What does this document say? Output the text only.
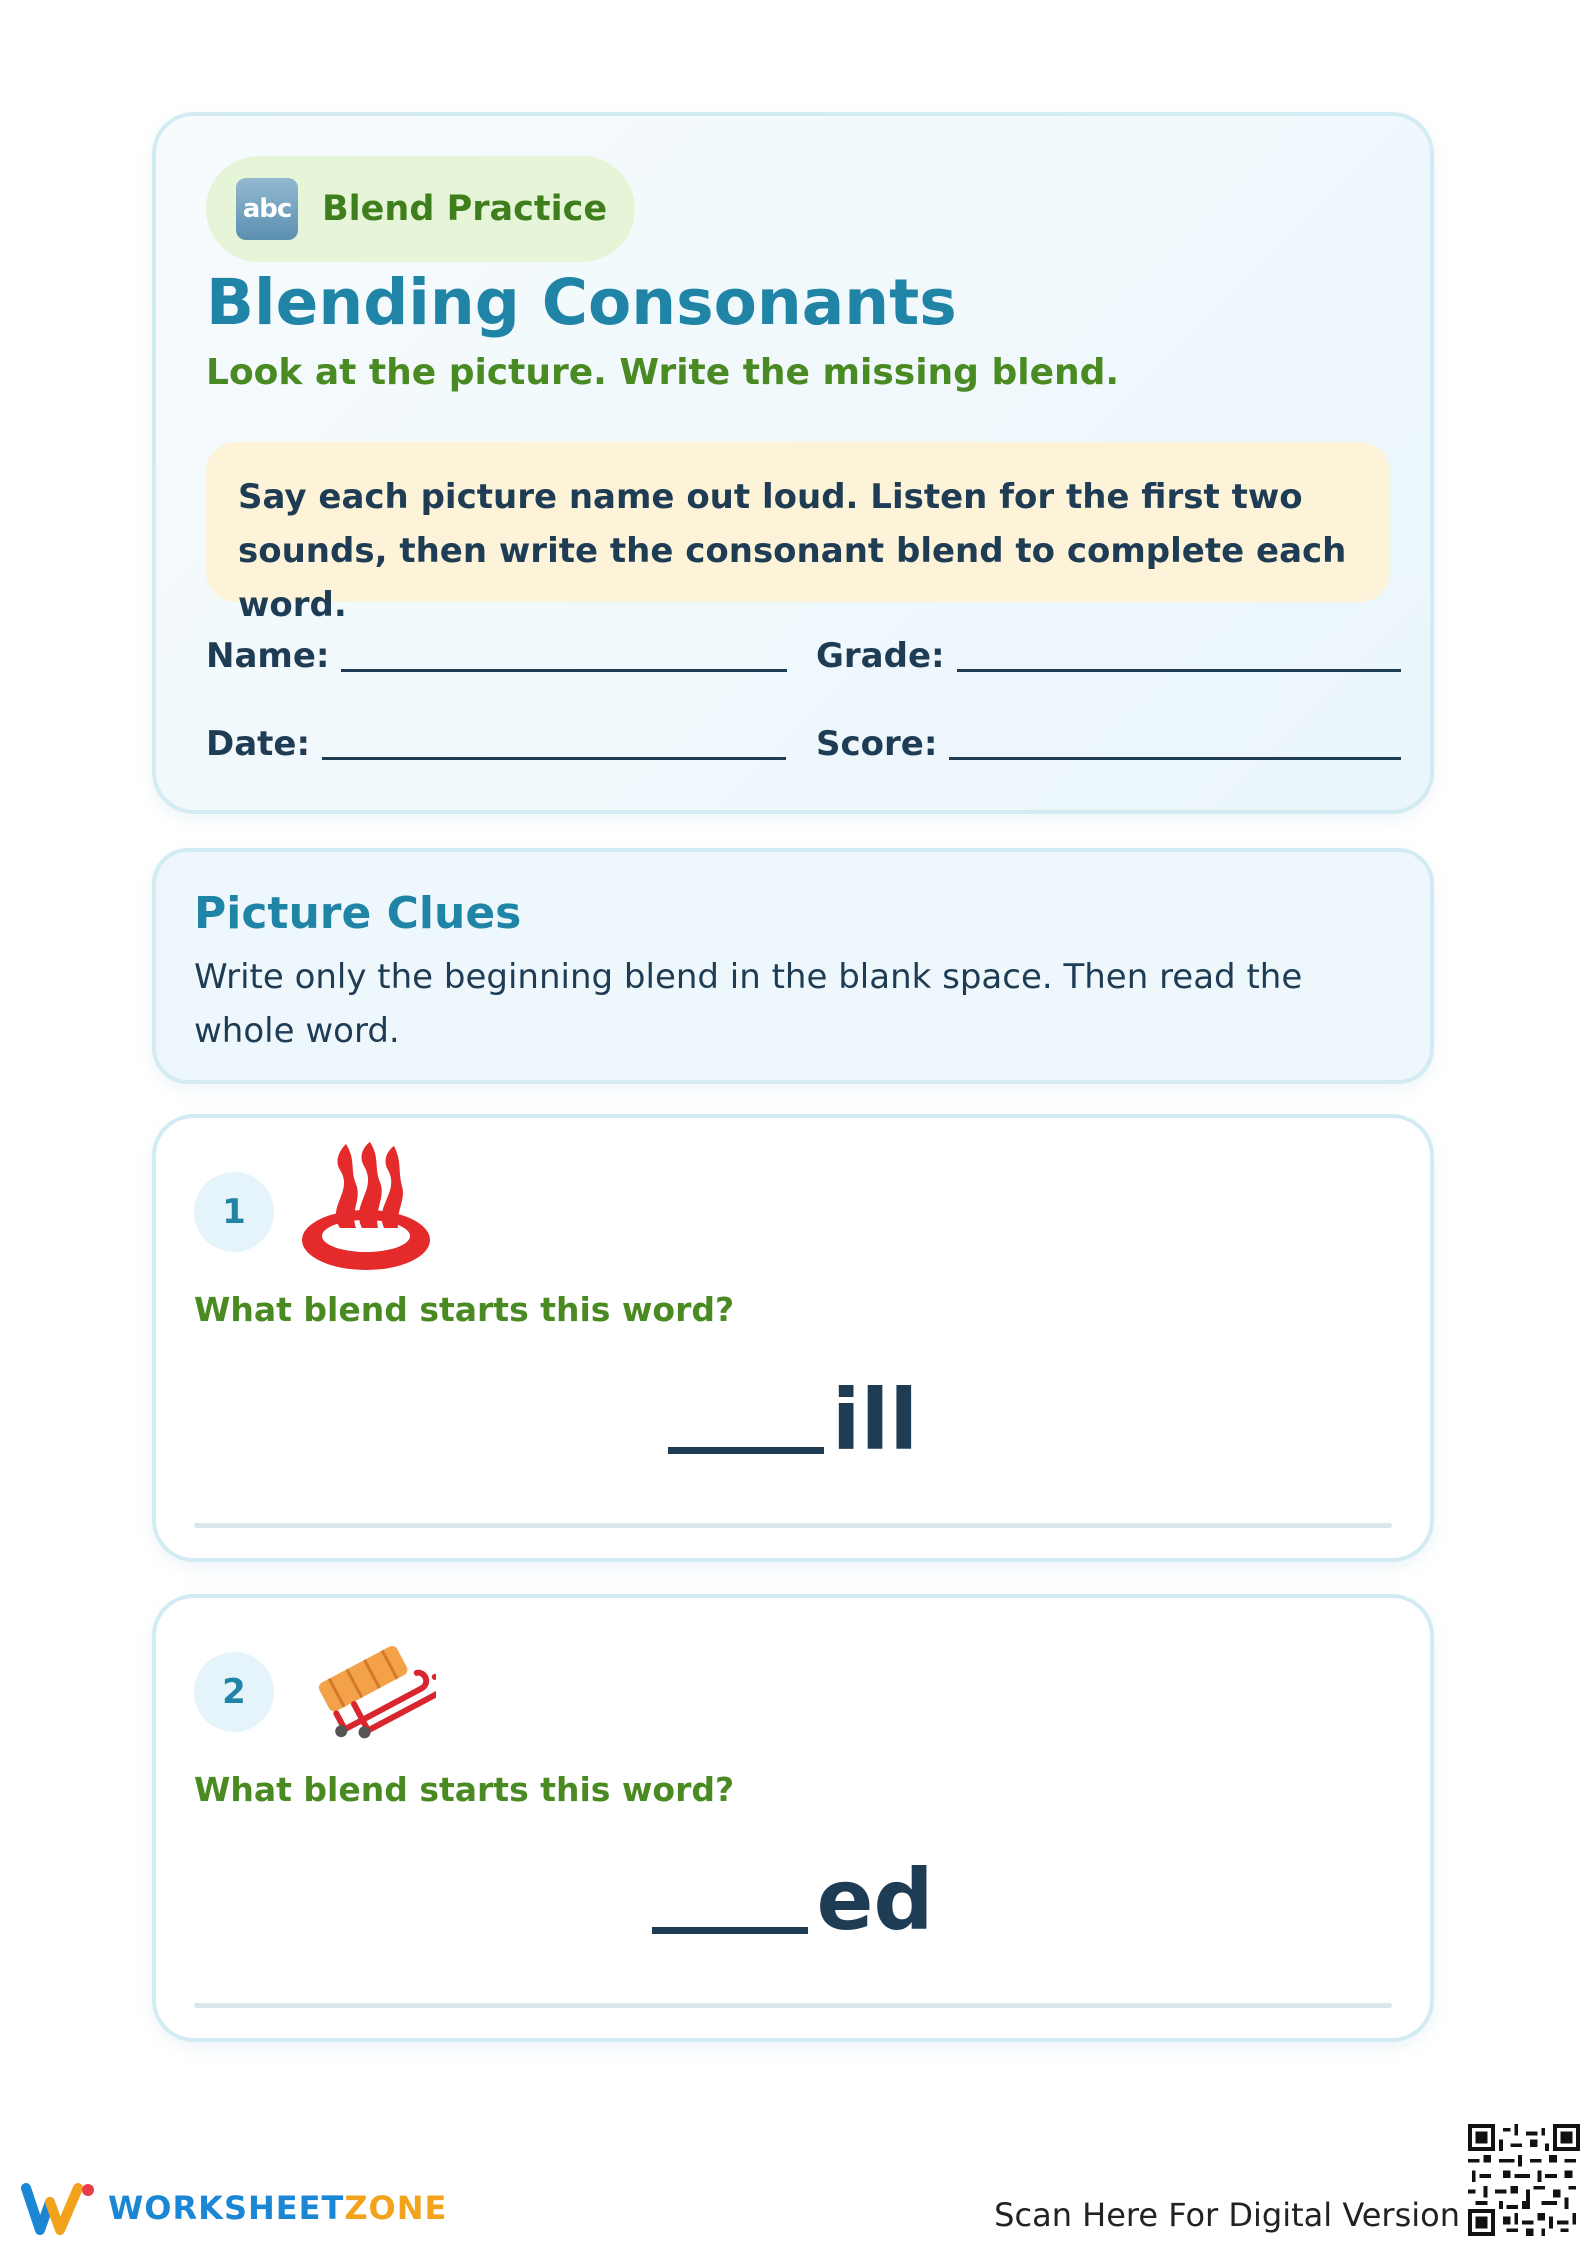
abc Blend Practice
Blending Consonants
Look at the picture. Write the missing blend.
Say each picture name out loud. Listen for the first two sounds, then write the consonant blend to complete each word.
Name:	Grade:
Date:	Score:
Picture Clues
Write only the beginning blend in the blank space. Then read the whole word.
1
What blend starts this word?
ill
2
What blend starts this word?
ed
WORKSHEET ZONE	Scan Here For Digital Version
